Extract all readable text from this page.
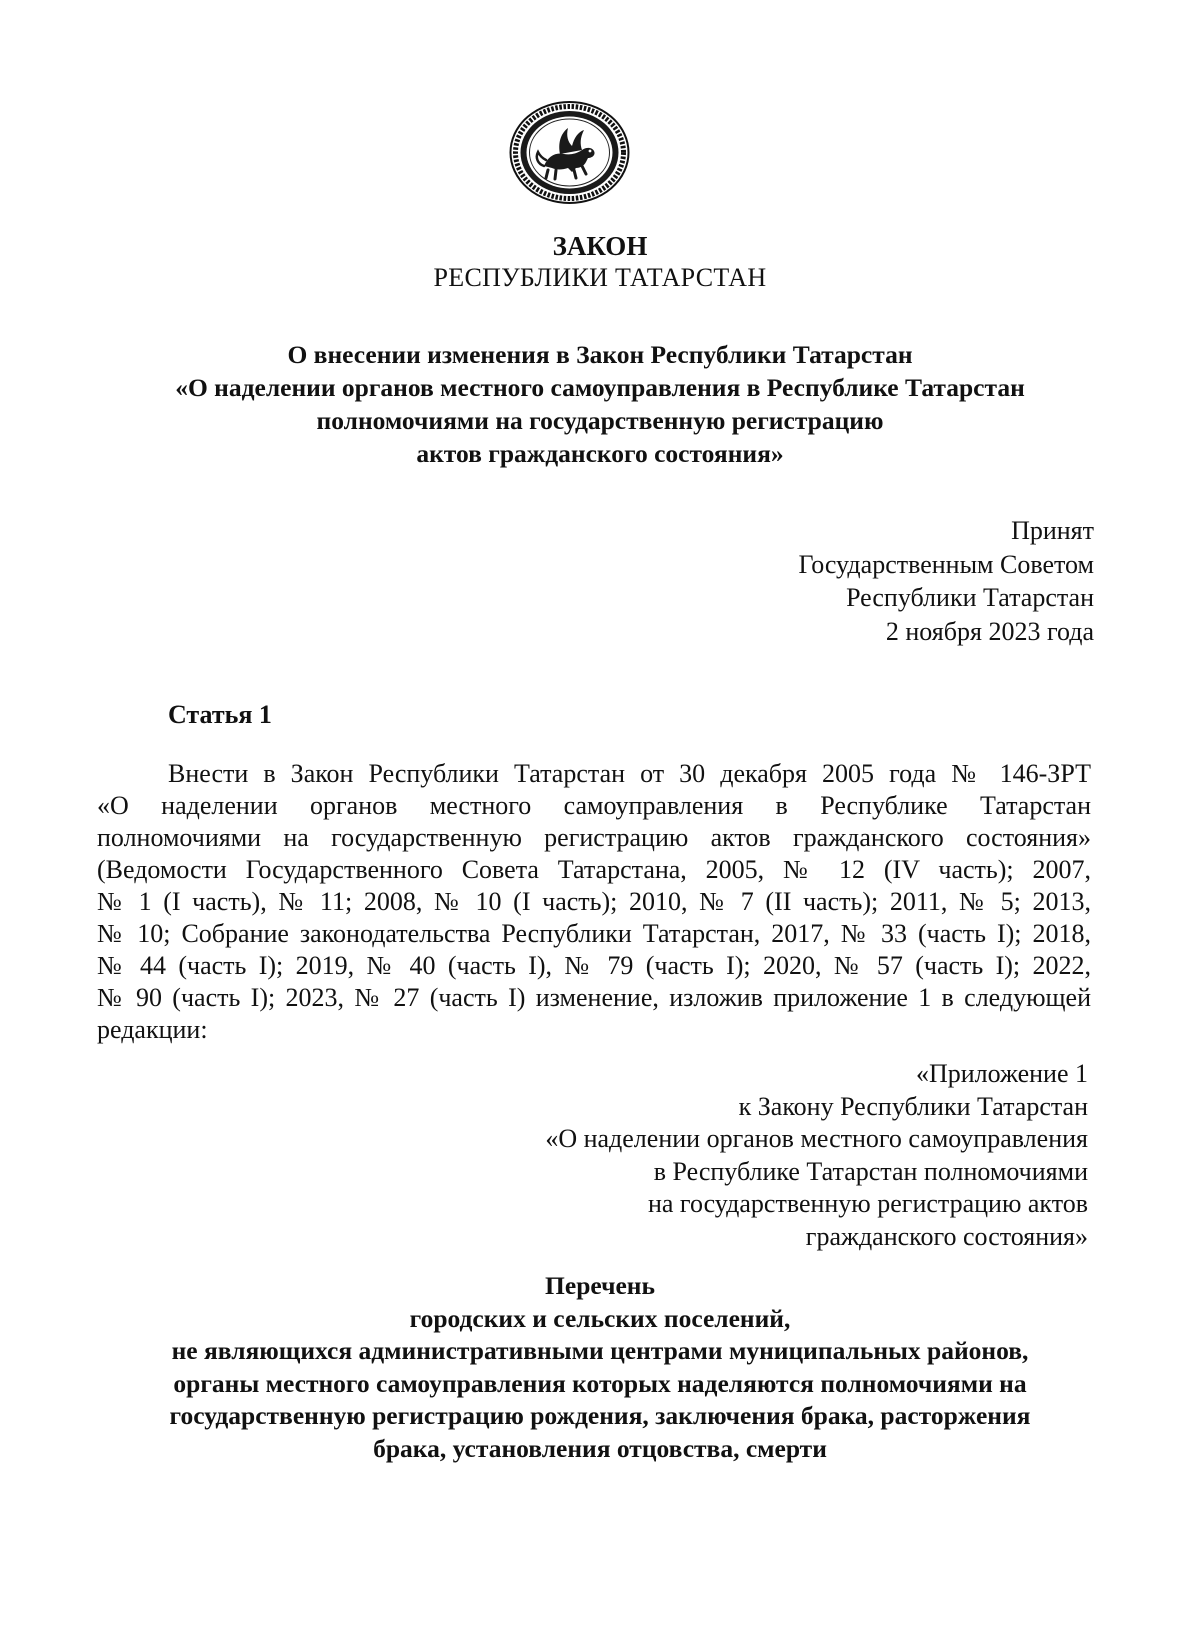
ЗАКОН
РЕСПУБЛИКИ ТАТАРСТАН
О внесении изменения в Закон Республики Татарстан
«О наделении органов местного самоуправления в Республике Татарстан
полномочиями на государственную регистрацию
актов гражданского состояния»
Принят
Государственным Советом
Республики Татарстан
2 ноября 2023 года
Статья 1
Внести в Закон Республики Татарстан от 30 декабря 2005 года № 146-ЗРТ
«О наделении органов местного самоуправления в Республике Татарстан
полномочиями на государственную регистрацию актов гражданского состояния»
(Ведомости Государственного Совета Татарстана, 2005, № 12 (IV часть); 2007,
№ 1 (I часть), № 11; 2008, № 10 (I часть); 2010, № 7 (II часть); 2011, № 5; 2013,
№ 10; Собрание законодательства Республики Татарстан, 2017, № 33 (часть I); 2018,
№ 44 (часть I); 2019, № 40 (часть I), № 79 (часть I); 2020, № 57 (часть I); 2022,
№ 90 (часть I); 2023, № 27 (часть I) изменение, изложив приложение 1 в следующей
редакции:
«Приложение 1
к Закону Республики Татарстан
«О наделении органов местного самоуправления
в Республике Татарстан полномочиями
на государственную регистрацию актов
гражданского состояния»
Перечень
городских и сельских поселений,
не являющихся административными центрами муниципальных районов,
органы местного самоуправления которых наделяются полномочиями на
государственную регистрацию рождения, заключения брака, расторжения
брака, установления отцовства, смерти
